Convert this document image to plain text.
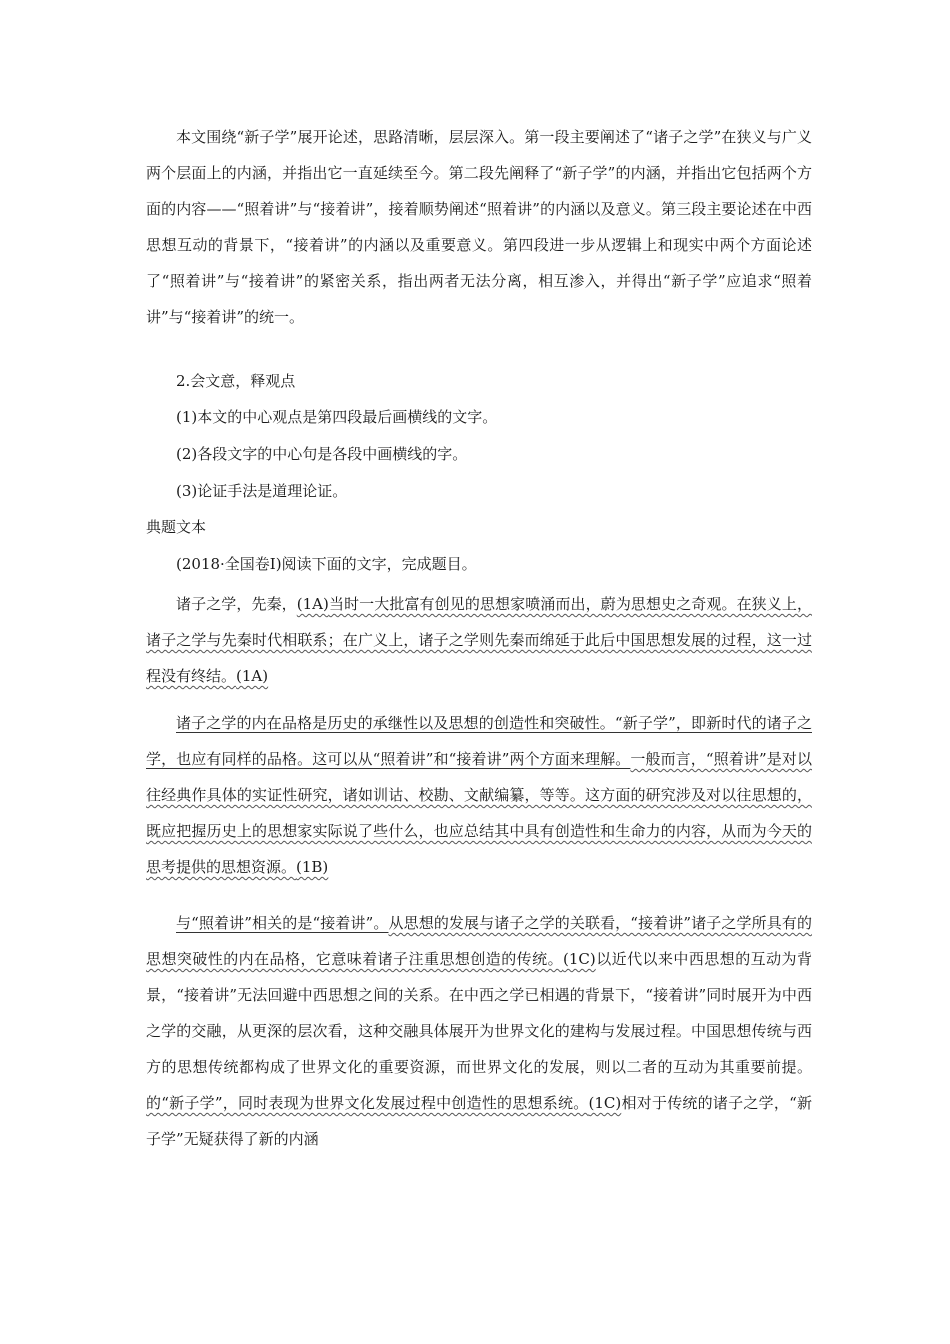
本文围绕“新子学”展开论述，思路清晰，层层深入。第一段主要阐述了“诸子之学”在狭义与广义两个层面上的内涵，并指出它一直延续至今。第二段先阐释了“新子学”的内涵，并指出它包括两个方面的内容——“照着讲”与“接着讲”，接着顺势阐述“照着讲”的内涵以及意义。第三段主要论述在中西思想互动的背景下，“接着讲”的内涵以及重要意义。第四段进一步从逻辑上和现实中两个方面论述了“照着讲”与“接着讲”的紧密关系，指出两者无法分离，相互渗入，并得出“新子学”应追求“照着讲”与“接着讲”的统一。

2.会文意，释观点

(1)本文的中心观点是第四段最后画横线的文字。

(2)各段文字的中心句是各段中画横线的字。

(3)论证手法是道理论证。

典题文本

(2018·全国卷Ⅰ)阅读下面的文字，完成题目。

诸子之学，先秦，(1A)当时一大批富有创见的思想家喷涌而出，蔚为思想史之奇观。在狭义上，诸子之学与先秦时代相联系；在广义上，诸子之学则先秦而绵延于此后中国思想发展的过程，这一过程没有终结。(1A)

诸子之学的内在品格是历史的承继性以及思想的创造性和突破性。“新子学”，即新时代的诸子之学，也应有同样的品格。这可以从“照着讲”和“接着讲”两个方面来理解。一般而言，“照着讲”是对以往经典作具体的实证性研究，诸如训诂、校勘、文献编纂，等等。这方面的研究涉及对以往思想的，既应把握历史上的思想家实际说了些什么，也应总结其中具有创造性和生命力的内容，从而为今天的思考提供的思想资源。(1B)

与“照着讲”相关的是“接着讲”。从思想的发展与诸子之学的关联看，“接着讲”诸子之学所具有的思想突破性的内在品格，它意味着诸子注重思想创造的传统。(1C)以近代以来中西思想的互动为背景，“接着讲”无法回避中西思想之间的关系。在中西之学已相遇的背景下，“接着讲”同时展开为中西之学的交融，从更深的层次看，这种交融具体展开为世界文化的建构与发展过程。中国思想传统与西方的思想传统都构成了世界文化的重要资源，而世界文化的发展，则以二者的互动为其重要前提。的“新子学”，同时表现为世界文化发展过程中创造性的思想系统。(1C)相对于传统的诸子之学，“新子学”无疑获得了新的内涵
